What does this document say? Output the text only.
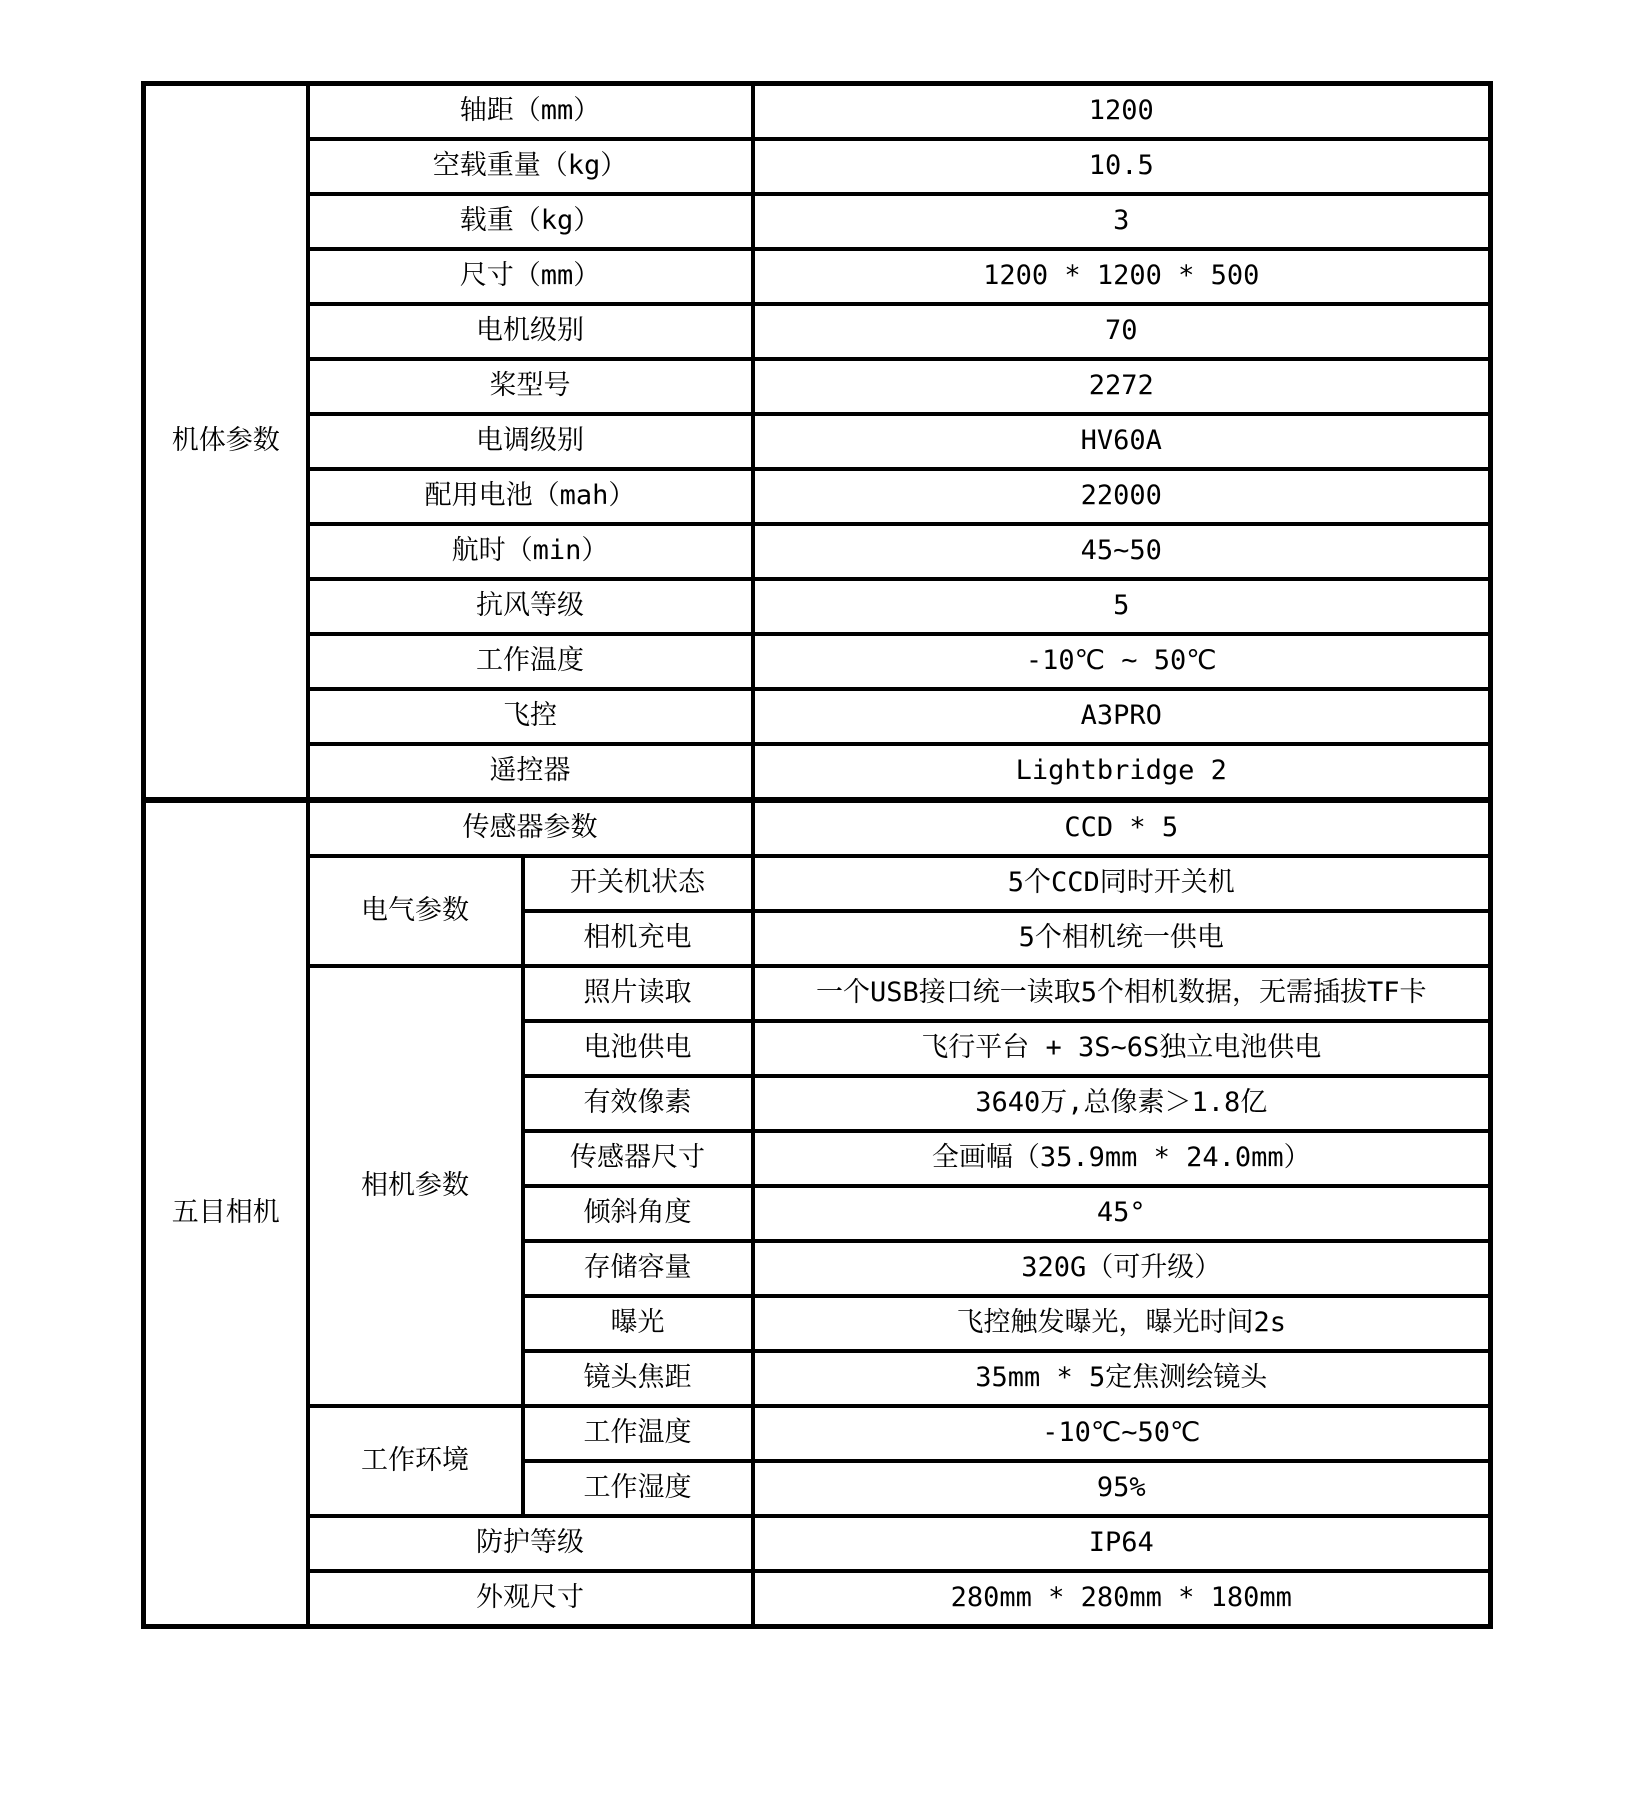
机体参数	轴距（mm）		1200
	空载重量（kg）		10.5
	载重（kg）		3
	尺寸（mm）		1200 * 1200 * 500
	电机级别		70
	桨型号		2272
	电调级别		HV60A
	配用电池（mah）		22000
	航时（min）		45~50
	抗风等级		5
	工作温度		-10℃ ~ 50℃
	飞控		A3PRO
	遥控器		Lightbridge 2
五目相机	传感器参数		CCD * 5
	电气参数	开关机状态	5个CCD同时开关机
		相机充电	5个相机统一供电
	相机参数	照片读取	一个USB接口统一读取5个相机数据，无需插拔TF卡
		电池供电	飞行平台 + 3S~6S独立电池供电
		有效像素	3640万,总像素＞1.8亿
		传感器尺寸	全画幅（35.9mm * 24.0mm）
		倾斜角度	45°
		存储容量	320G（可升级）
		曝光	飞控触发曝光，曝光时间2s
		镜头焦距	35mm * 5定焦测绘镜头
	工作环境	工作温度	-10℃~50℃
		工作湿度	95%
	防护等级		IP64
	外观尺寸		280mm * 280mm * 180mm
